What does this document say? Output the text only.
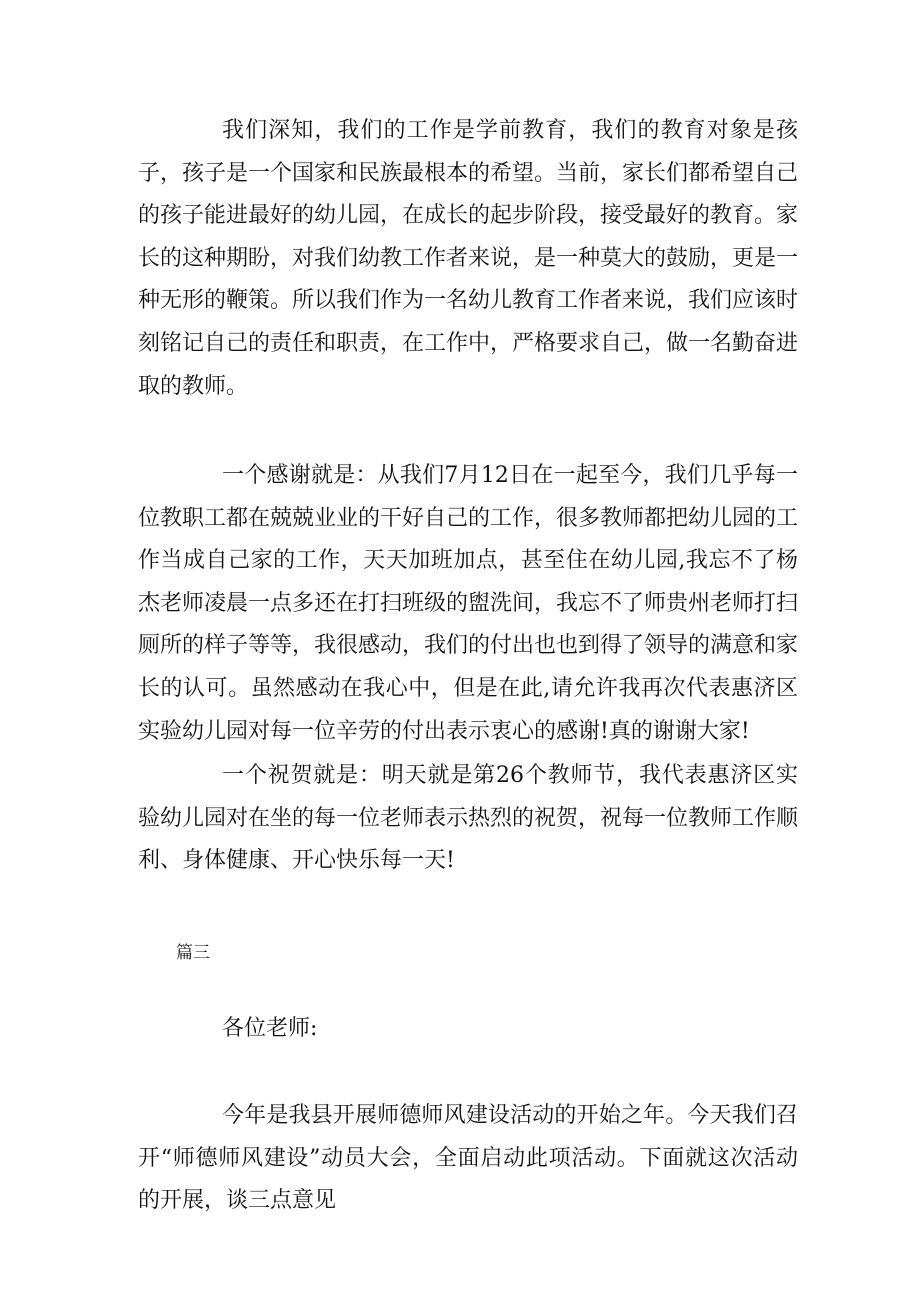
我们深知，我们的工作是学前教育，我们的教育对象是孩子，孩子是一个国家和民族最根本的希望。当前，家长们都希望自己的孩子能进最好的幼儿园，在成长的起步阶段，接受最好的教育。家长的这种期盼，对我们幼教工作者来说，是一种莫大的鼓励，更是一种无形的鞭策。所以我们作为一名幼儿教育工作者来说，我们应该时刻铭记自己的责任和职责，在工作中，严格要求自己，做一名勤奋进取的教师。

一个感谢就是：从我们7月12日在一起至今，我们几乎每一位教职工都在兢兢业业的干好自己的工作，很多教师都把幼儿园的工作当成自己家的工作，天天加班加点，甚至住在幼儿园,我忘不了杨杰老师凌晨一点多还在打扫班级的盥洗间，我忘不了师贵州老师打扫厕所的样子等等，我很感动，我们的付出也也到得了领导的满意和家长的认可。虽然感动在我心中，但是在此,请允许我再次代表惠济区实验幼儿园对每一位辛劳的付出表示衷心的感谢!真的谢谢大家!

一个祝贺就是：明天就是第26个教师节，我代表惠济区实验幼儿园对在坐的每一位老师表示热烈的祝贺，祝每一位教师工作顺利、身体健康、开心快乐每一天!

篇三

各位老师:

今年是我县开展师德师风建设活动的开始之年。今天我们召开“师德师风建设”动员大会，全面启动此项活动。下面就这次活动的开展，谈三点意见
